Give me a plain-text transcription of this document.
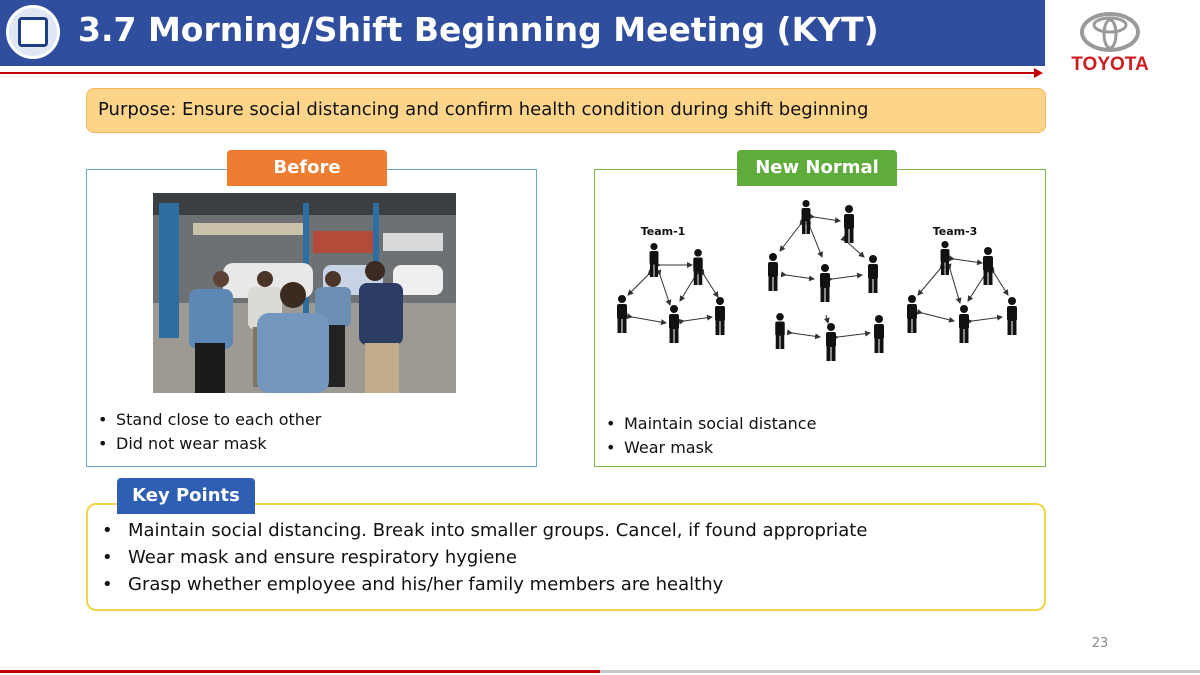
3.7 Morning/Shift Beginning Meeting (KYT)
TOYOTA
Purpose: Ensure social distancing and confirm health condition during shift beginning
Before
• Stand close to each other
• Did not wear mask
New Normal
Team-1	Team-3
• Maintain social distance
• Wear mask
Key Points
• Maintain social distancing. Break into smaller groups. Cancel, if found appropriate
• Wear mask and ensure respiratory hygiene
• Grasp whether employee and his/her family members are healthy
23
